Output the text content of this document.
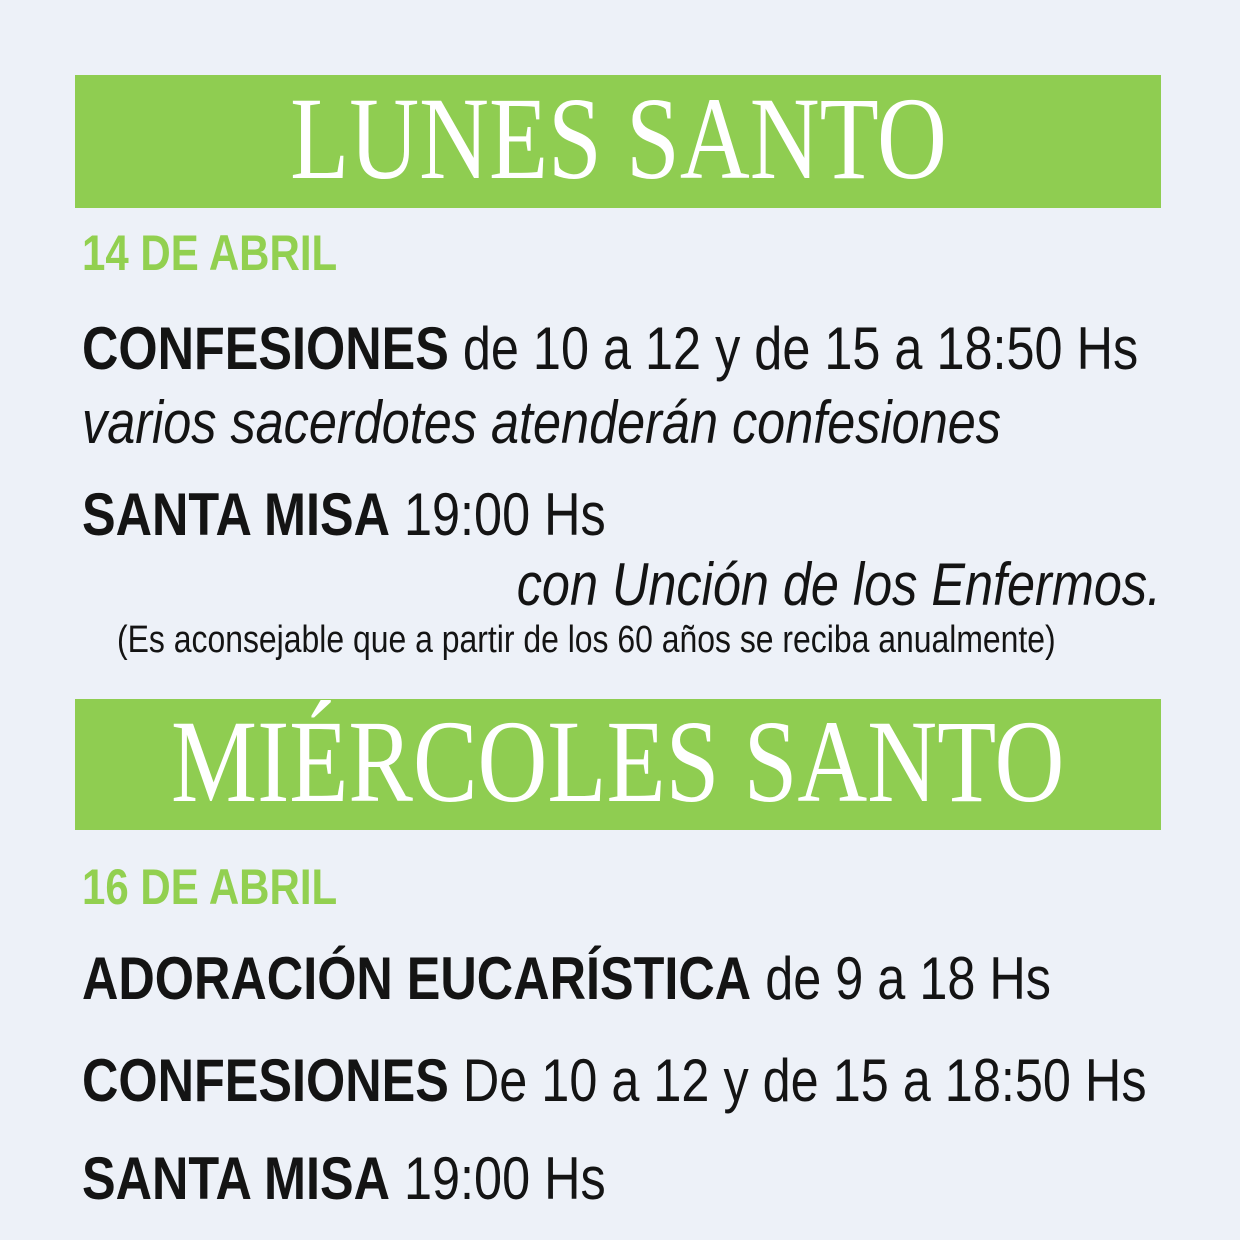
LUNES SANTO

14 DE ABRIL

CONFESIONES de 10 a 12 y de 15 a 18:50 Hs

varios sacerdotes atenderán confesiones

SANTA MISA 19:00 Hs

con Unción de los Enfermos.

(Es aconsejable que a partir de los 60 años se reciba anualmente)

MIÉRCOLES SANTO

16 DE ABRIL

ADORACIÓN EUCARÍSTICA de 9 a 18 Hs

CONFESIONES De 10 a 12 y de 15 a 18:50 Hs

SANTA MISA 19:00 Hs
